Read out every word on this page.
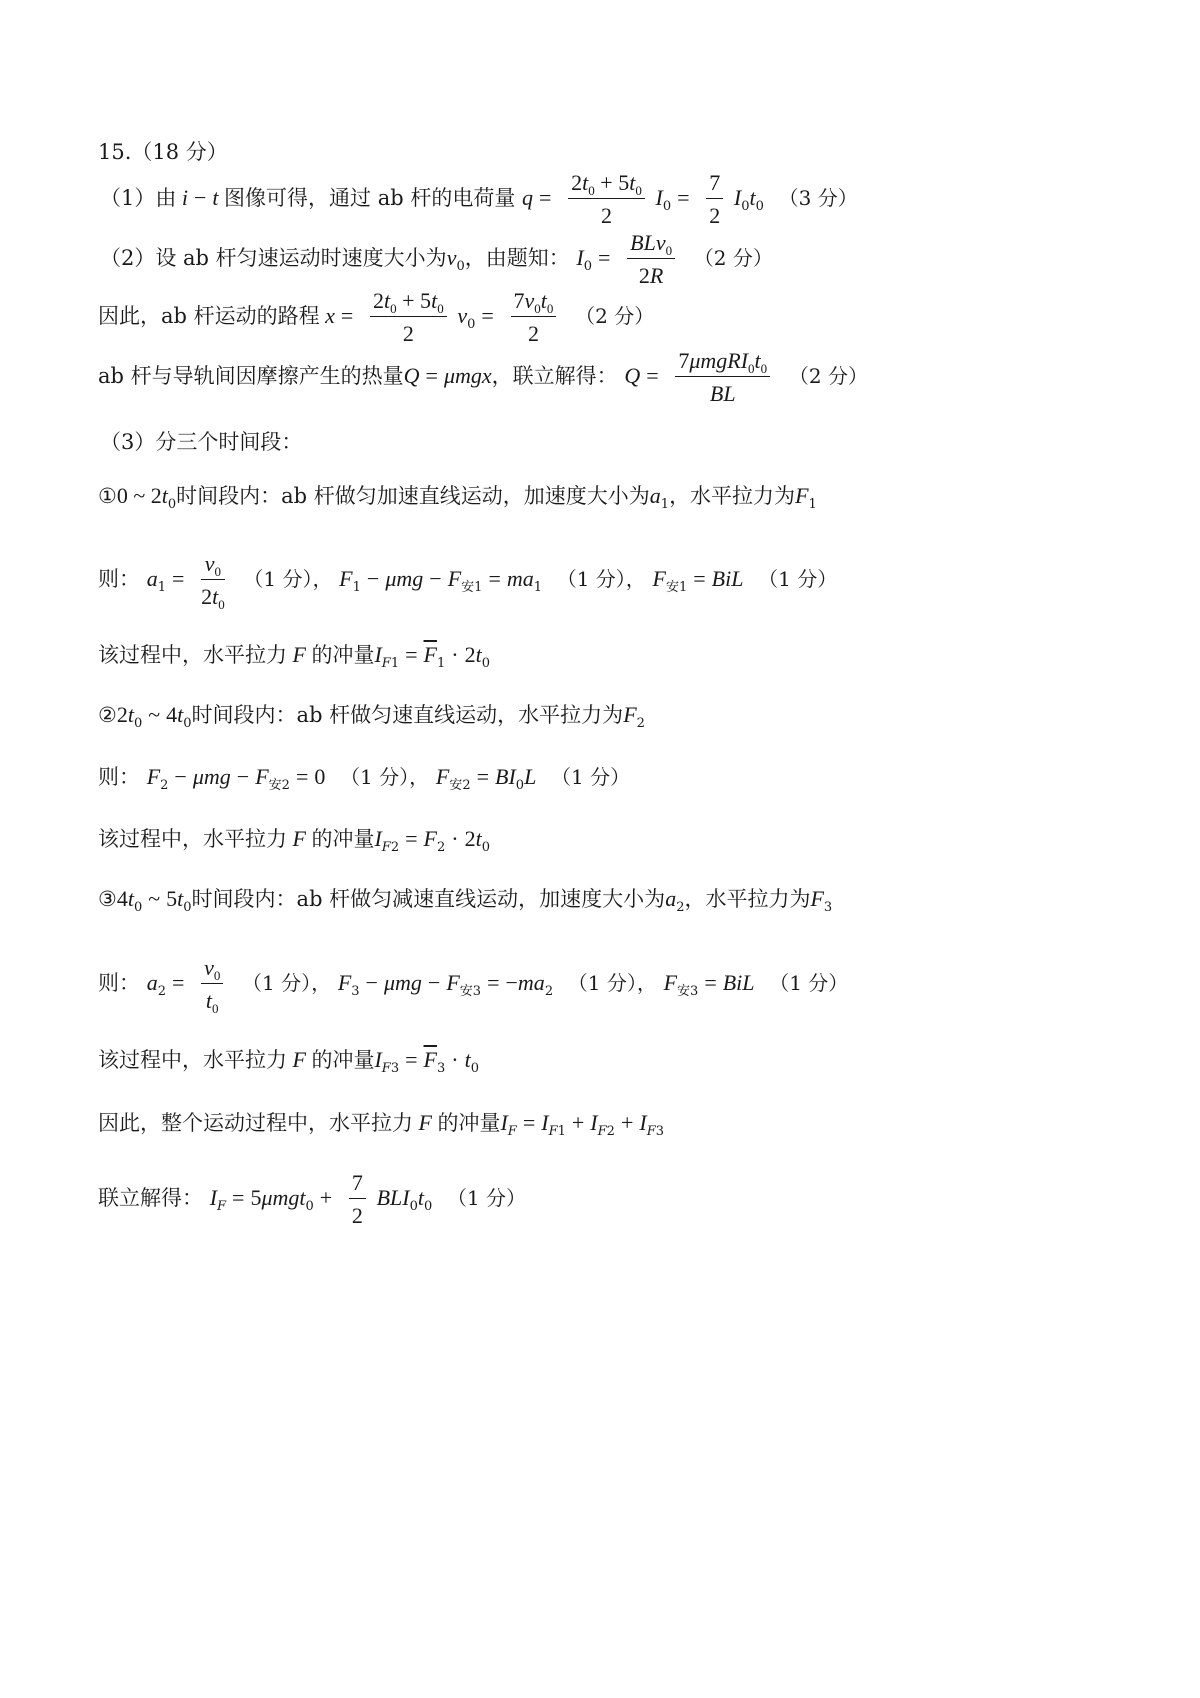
15.（18 分）
（1）由 i − t 图像可得，通过 ab 杆的电荷量 $q = \frac{2t_0 + 5t_0}{2} I_0 = \frac{7}{2} I_0t_0$ （3 分）
（2）设 ab 杆匀速运动时速度大小为$v_0$，由题知： $I_0 = \frac{BLv_0}{2R} (2$ 分）
因此，ab 杆运动的路程 $x = \frac{2t_0 + 5t_0}{2} v_0 = \frac{7v_0t_0}{2} (2$ 分）
ab 杆与导轨间因摩擦产生的热量Q = μmgx，联立解得： $Q = \frac{7\mu mgRI_0t_0}{BL} (2$ 分）
（3）分三个时间段：
①0 ~ $2t_0$时间段内：ab 杆做匀加速直线运动，加速度大小为$a_1$，水平拉力为$F_1$
则： $a_1 = \frac{v_0}{2t_0} (1$ 分）， $F_1 - \mu mg - F_{安1} = ma_1$ （1 分）， $F_{安1}$ = BiL （1 分）
该过程中，水平拉力 F 的冲量$I_{F1} = \overline{F}_1 \cdot 2t_0$
$②2t_0$ ~ $4t_0$时间段内：ab 杆做匀速直线运动，水平拉力为$F_2$
则： $F_2 - \mu mg - F_{安2} = 0$ （1 分）， $F_{安2} = BI_0L$ （1 分）
该过程中，水平拉力 F 的冲量$I_{F2} = F_2 \cdot 2t_0$
$③4t_0$ ~ $5t_0$时间段内：ab 杆做匀减速直线运动，加速度大小为$a_2$，水平拉力为$F_3$
则： $a_2 = \frac{v_0}{t_0} (1$ 分）， $F_3 - \mu mg - F_{安3} = -ma_2$ （1 分）， $F_{安3}$ = BiL （1 分）
该过程中，水平拉力 F 的冲量$I_{F3} = \overline{F}_3 \cdot t_0$
因此，整个运动过程中，水平拉力 F 的冲量$I_F = I_{F1} + I_{F2} + I_{F3}$
联立解得： $I_F = 5\mu mgt_0 + \frac{7}{2} BLI_0t_0$ （1 分）
